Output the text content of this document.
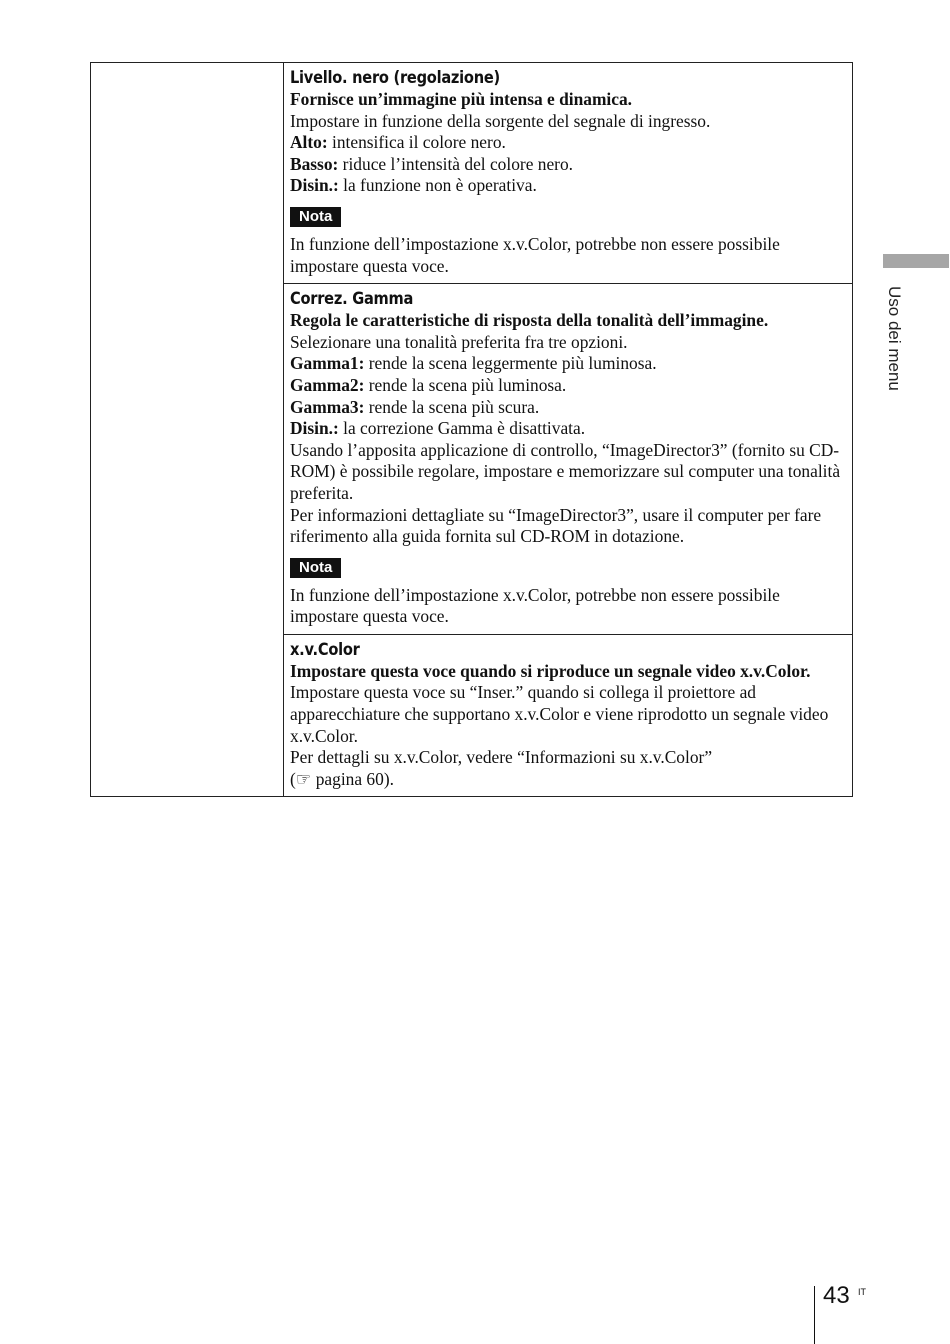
Livello. nero (regolazione)
Fornisce un’immagine più intensa e dinamica.
Impostare in funzione della sorgente del segnale di ingresso.
Alto: intensifica il colore nero.
Basso: riduce l’intensità del colore nero.
Disin.: la funzione non è operativa.
Nota
In funzione dell’impostazione x.v.Color, potrebbe non essere possibile impostare questa voce.
Correz. Gamma
Regola le caratteristiche di risposta della tonalità dell’immagine.
Selezionare una tonalità preferita fra tre opzioni.
Gamma1: rende la scena leggermente più luminosa.
Gamma2: rende la scena più luminosa.
Gamma3: rende la scena più scura.
Disin.: la correzione Gamma è disattivata.
Usando l’apposita applicazione di controllo, “ImageDirector3” (fornito su CD-ROM) è possibile regolare, impostare e memorizzare sul computer una tonalità preferita.
Per informazioni dettagliate su “ImageDirector3”, usare il computer per fare riferimento alla guida fornita sul CD-ROM in dotazione.
Nota
In funzione dell’impostazione x.v.Color, potrebbe non essere possibile impostare questa voce.
x.v.Color
Impostare questa voce quando si riproduce un segnale video x.v.Color.
Impostare questa voce su “Inser.” quando si collega il proiettore ad apparecchiature che supportano x.v.Color e viene riprodotto un segnale video x.v.Color.
Per dettagli su x.v.Color, vedere “Informazioni su x.v.Color”
(☞ pagina 60).
Uso dei menu
43 IT
